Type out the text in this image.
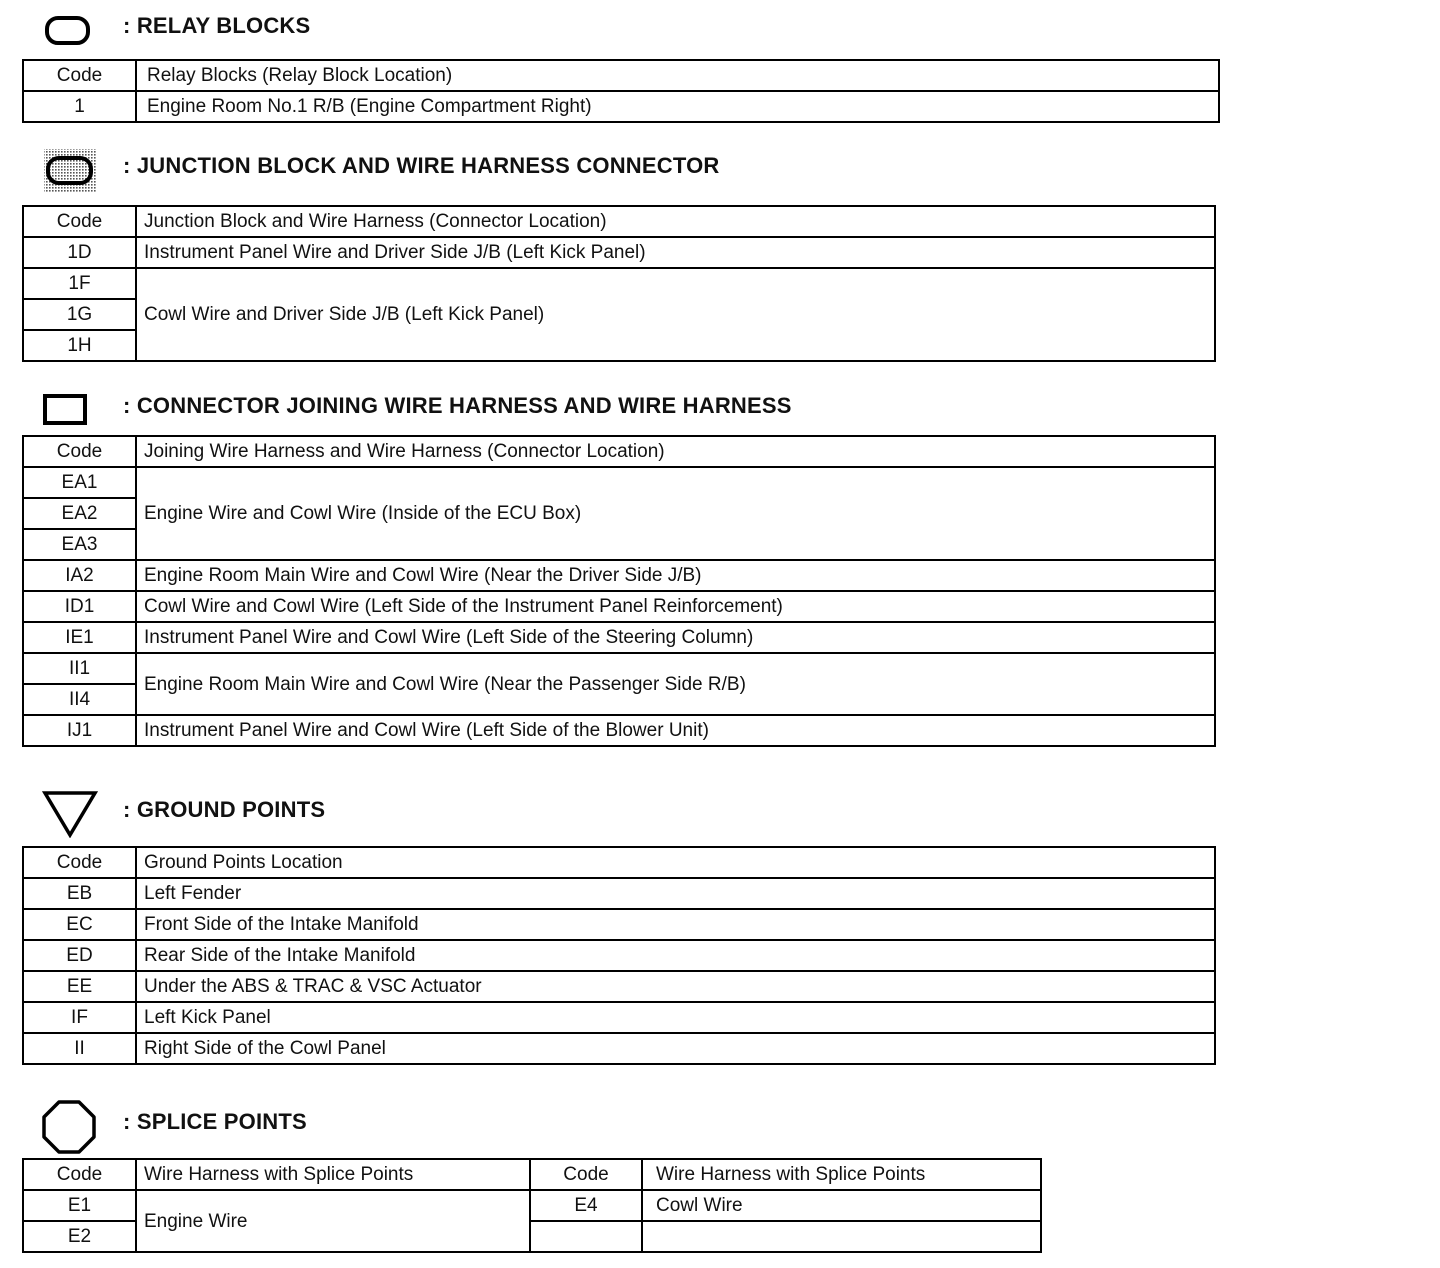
: RELAY BLOCKS
Code	Relay Blocks (Relay Block Location)
1	Engine Room No.1 R/B (Engine Compartment Right)
: JUNCTION BLOCK AND WIRE HARNESS CONNECTOR
Code	Junction Block and Wire Harness (Connector Location)
1D	Instrument Panel Wire and Driver Side J/B (Left Kick Panel)
1F	Cowl Wire and Driver Side J/B (Left Kick Panel)
1G	
1H	
: CONNECTOR JOINING WIRE HARNESS AND WIRE HARNESS
Code	Joining Wire Harness and Wire Harness (Connector Location)
EA1	Engine Wire and Cowl Wire (Inside of the ECU Box)
EA2	
EA3	
IA2	Engine Room Main Wire and Cowl Wire (Near the Driver Side J/B)
ID1	Cowl Wire and Cowl Wire (Left Side of the Instrument Panel Reinforcement)
IE1	Instrument Panel Wire and Cowl Wire (Left Side of the Steering Column)
II1	Engine Room Main Wire and Cowl Wire (Near the Passenger Side R/B)
II4	
IJ1	Instrument Panel Wire and Cowl Wire (Left Side of the Blower Unit)
: GROUND POINTS
Code	Ground Points Location
EB	Left Fender
EC	Front Side of the Intake Manifold
ED	Rear Side of the Intake Manifold
EE	Under the ABS & TRAC & VSC Actuator
IF	Left Kick Panel
II	Right Side of the Cowl Panel
: SPLICE POINTS
Code	Wire Harness with Splice Points	Code	Wire Harness with Splice Points
E1	Engine Wire	E4	Cowl Wire
E2			
